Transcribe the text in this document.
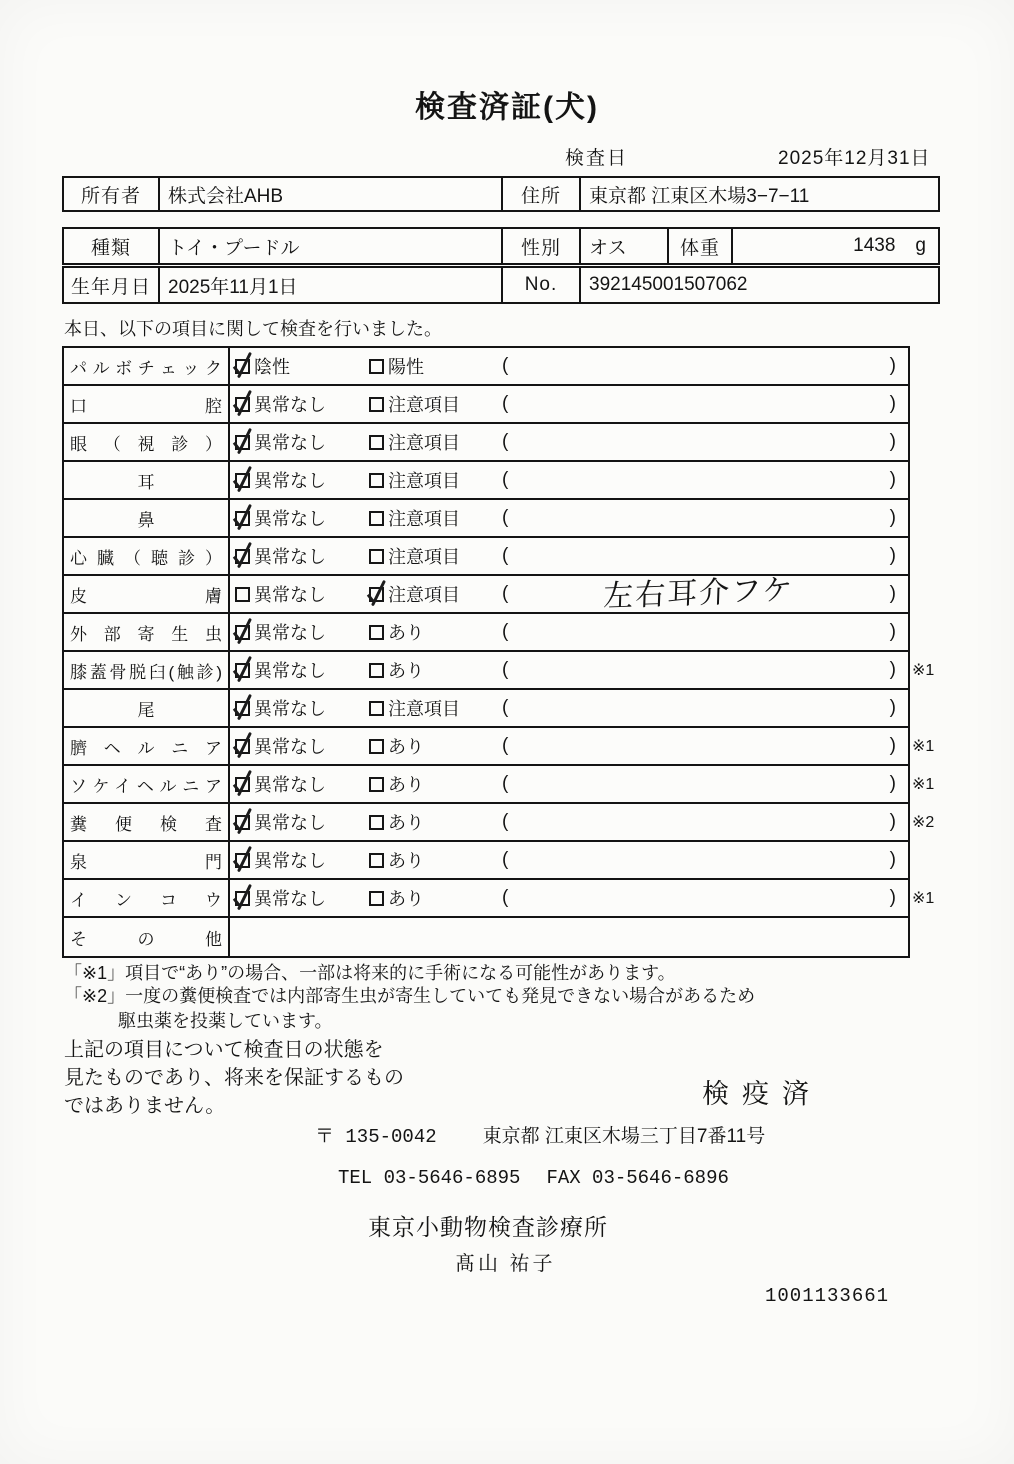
検査済証(犬)
検査日	2025年12月31日
所有者	株式会社AHB	住所	東京都 江東区木場3−7−11
種類	トイ・プードル	性別	オス	体重	1438 g
生年月日 2025年11月1日	No.	392145001507062
本日、以下の項目に関して検査を行いました。
パルボチェック 陰性	陽性	(	)
口腔 異常なし	注意項目 (	)
眼（視診） 異常なし	注意項目 (	)
耳	異常なし	注意項目 (	)
鼻	異常なし	注意項目 (	)
心臓（聴診） 異常なし	注意項目 (	)
皮膚 異常なし	注意項目 (	左右耳介フケ	)
外部寄生虫 異常なし	あり	(	)
膝蓋骨脱臼(触診) 異常なし	あり	(	) ※1
尾	異常なし	注意項目 (	)
臍ヘルニア 異常なし	あり	(	) ※1
ソケイヘルニア 異常なし	あり	(	) ※1
糞便検査 異常なし	あり	(	) ※2
泉門 異常なし	あり	(	)
インコウ 異常なし	あり	(	) ※1
その他
「※1」項目で“あり”の場合、一部は将来的に手術になる可能性があります。
「※2」一度の糞便検査では内部寄生虫が寄生していても発見できない場合があるため
駆虫薬を投薬しています。
上記の項目について検査日の状態を
見たものであり、将来を保証するもの
ではありません。	検疫済
〒 135-0042 東京都 江東区木場三丁目7番11号
TEL 03-5646-6895 FAX 03-5646-6896
東京小動物検査診療所
髙山 祐子
1001133661
